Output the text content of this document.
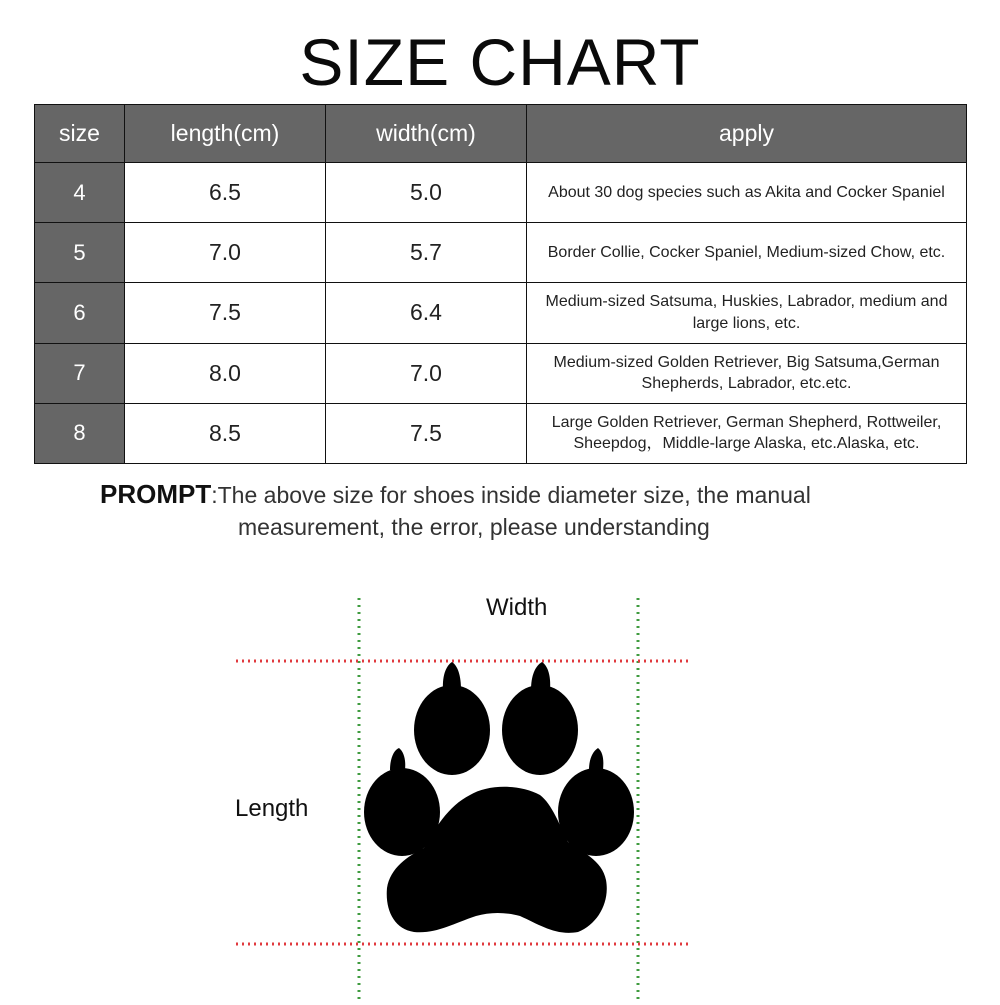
SIZE CHART
size	length(cm)	width(cm)	apply
4	6.5	5.0	About 30 dog species such as Akita and Cocker Spaniel
5	7.0	5.7	Border Collie, Cocker Spaniel, Medium-sized Chow, etc.
6	7.5	6.4	Medium-sized Satsuma, Huskies, Labrador, medium and large lions, etc.
7	8.0	7.0	Medium-sized Golden Retriever, Big Satsuma,German Shepherds, Labrador, etc.etc.
8	8.5	7.5	Large Golden Retriever, German Shepherd, Rottweiler, Sheepdog，Middle-large Alaska, etc.Alaska, etc.
PROMPT:The above size for shoes inside diameter size, the manual
measurement, the error, please understanding
Width
Length
